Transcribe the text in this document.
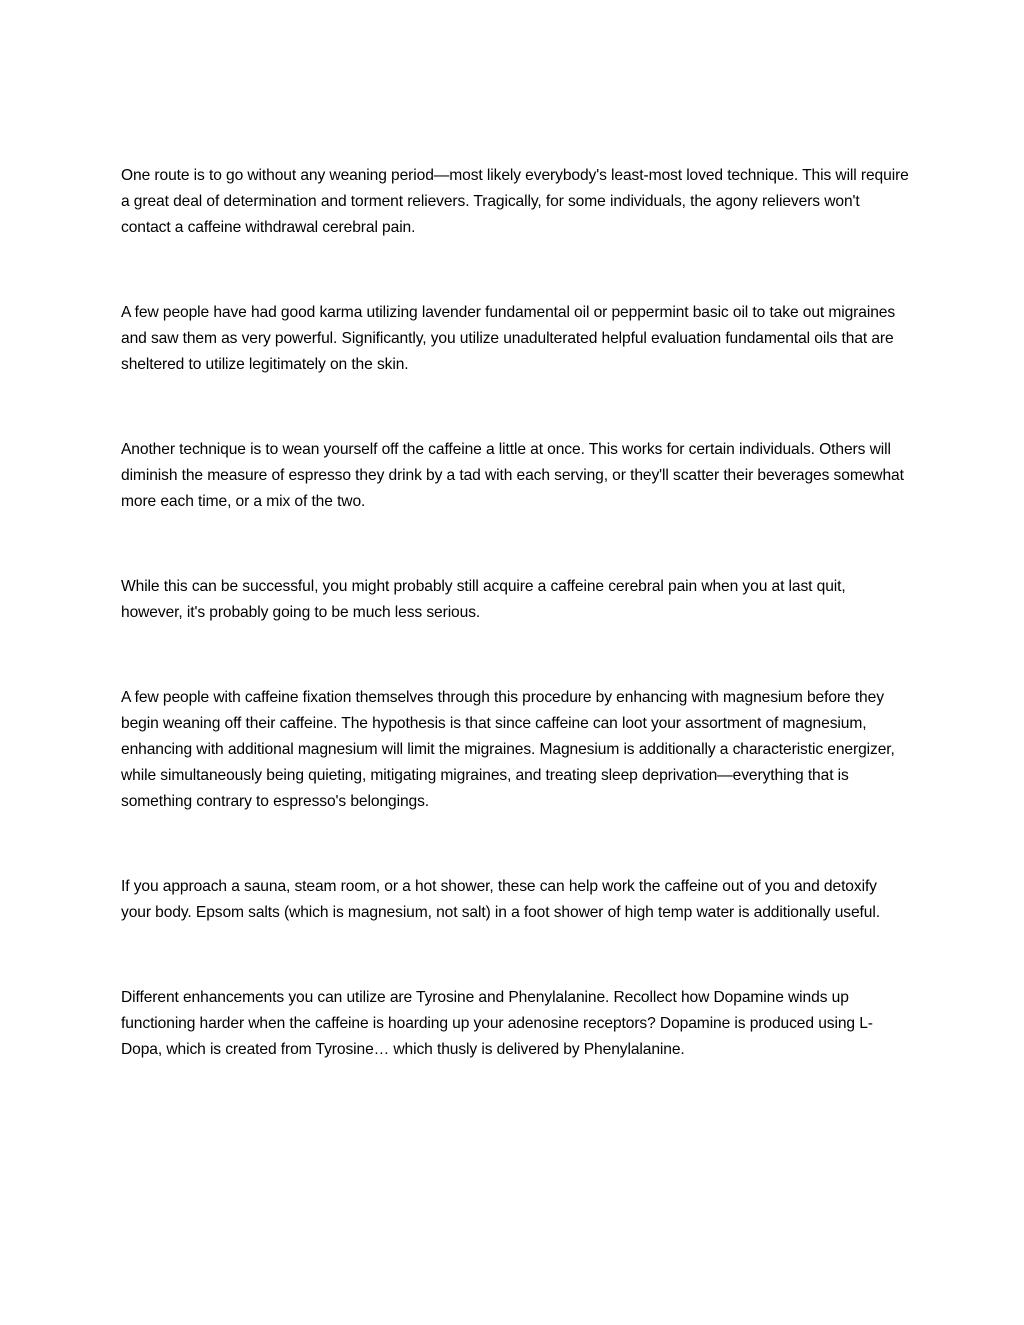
One route is to go without any weaning period—most likely everybody's least-most loved technique. This will require a great deal of determination and torment relievers. Tragically, for some individuals, the agony relievers won't contact a caffeine withdrawal cerebral pain.

A few people have had good karma utilizing lavender fundamental oil or peppermint basic oil to take out migraines and saw them as very powerful. Significantly, you utilize unadulterated helpful evaluation fundamental oils that are sheltered to utilize legitimately on the skin.

Another technique is to wean yourself off the caffeine a little at once. This works for certain individuals. Others will diminish the measure of espresso they drink by a tad with each serving, or they'll scatter their beverages somewhat more each time, or a mix of the two.

While this can be successful, you might probably still acquire a caffeine cerebral pain when you at last quit, however, it's probably going to be much less serious.

A few people with caffeine fixation themselves through this procedure by enhancing with magnesium before they begin weaning off their caffeine. The hypothesis is that since caffeine can loot your assortment of magnesium, enhancing with additional magnesium will limit the migraines. Magnesium is additionally a characteristic energizer, while simultaneously being quieting, mitigating migraines, and treating sleep deprivation—everything that is something contrary to espresso's belongings.

If you approach a sauna, steam room, or a hot shower, these can help work the caffeine out of you and detoxify your body. Epsom salts (which is magnesium, not salt) in a foot shower of high temp water is additionally useful.

Different enhancements you can utilize are Tyrosine and Phenylalanine. Recollect how Dopamine winds up functioning harder when the caffeine is hoarding up your adenosine receptors? Dopamine is produced using L-Dopa, which is created from Tyrosine… which thusly is delivered by Phenylalanine.
